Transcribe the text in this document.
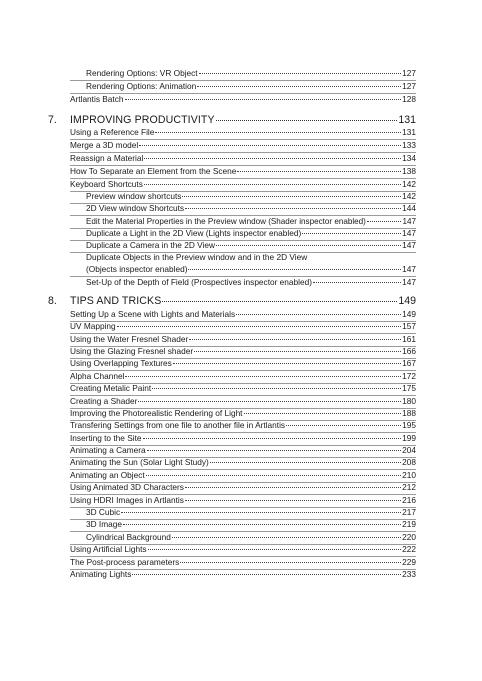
Rendering Options: VR Object	127
Rendering Options: Animation	127
Artlantis Batch	128
7.	IMPROVING PRODUCTIVITY	131
Using a Reference File	131
Merge a 3D model	133
Reassign a Material	134
How To Separate an Element from the Scene	138
Keyboard Shortcuts	142
Preview window shortcuts	142
2D View window Shortcuts	144
Edit the Material Properties in the Preview window (Shader inspector enabled)	147
Duplicate a Light in the 2D View (Lights inspector enabled)	147
Duplicate a Camera in the 2D View	147
Duplicate Objects in the Preview window and in the 2D View
(Objects inspector enabled)	147
Set-Up of the Depth of Field (Prospectives inspector enabled)	147
8.	TIPS AND TRICKS	149
Setting Up a Scene with Lights and Materials	149
UV Mapping	157
Using the Water Fresnel Shader	161
Using the Glazing Fresnel shader	166
Using Overlapping Textures	167
Alpha Channel	172
Creating Metalic Paint	175
Creating a Shader	180
Improving the Photorealistic Rendering of Light	188
Transfering Settings from one file to another file in Artlantis	195
Inserting to the Site	199
Animating a Camera	204
Animating the Sun (Solar Light Study)	208
Animating an Object	210
Using Animated 3D Characters	212
Using HDRI Images in Artlantis	216
3D Cubic	217
3D Image	219
Cylindrical Background	220
Using Artificial Lights	222
The Post-process parameters	229
Animating Lights	233
